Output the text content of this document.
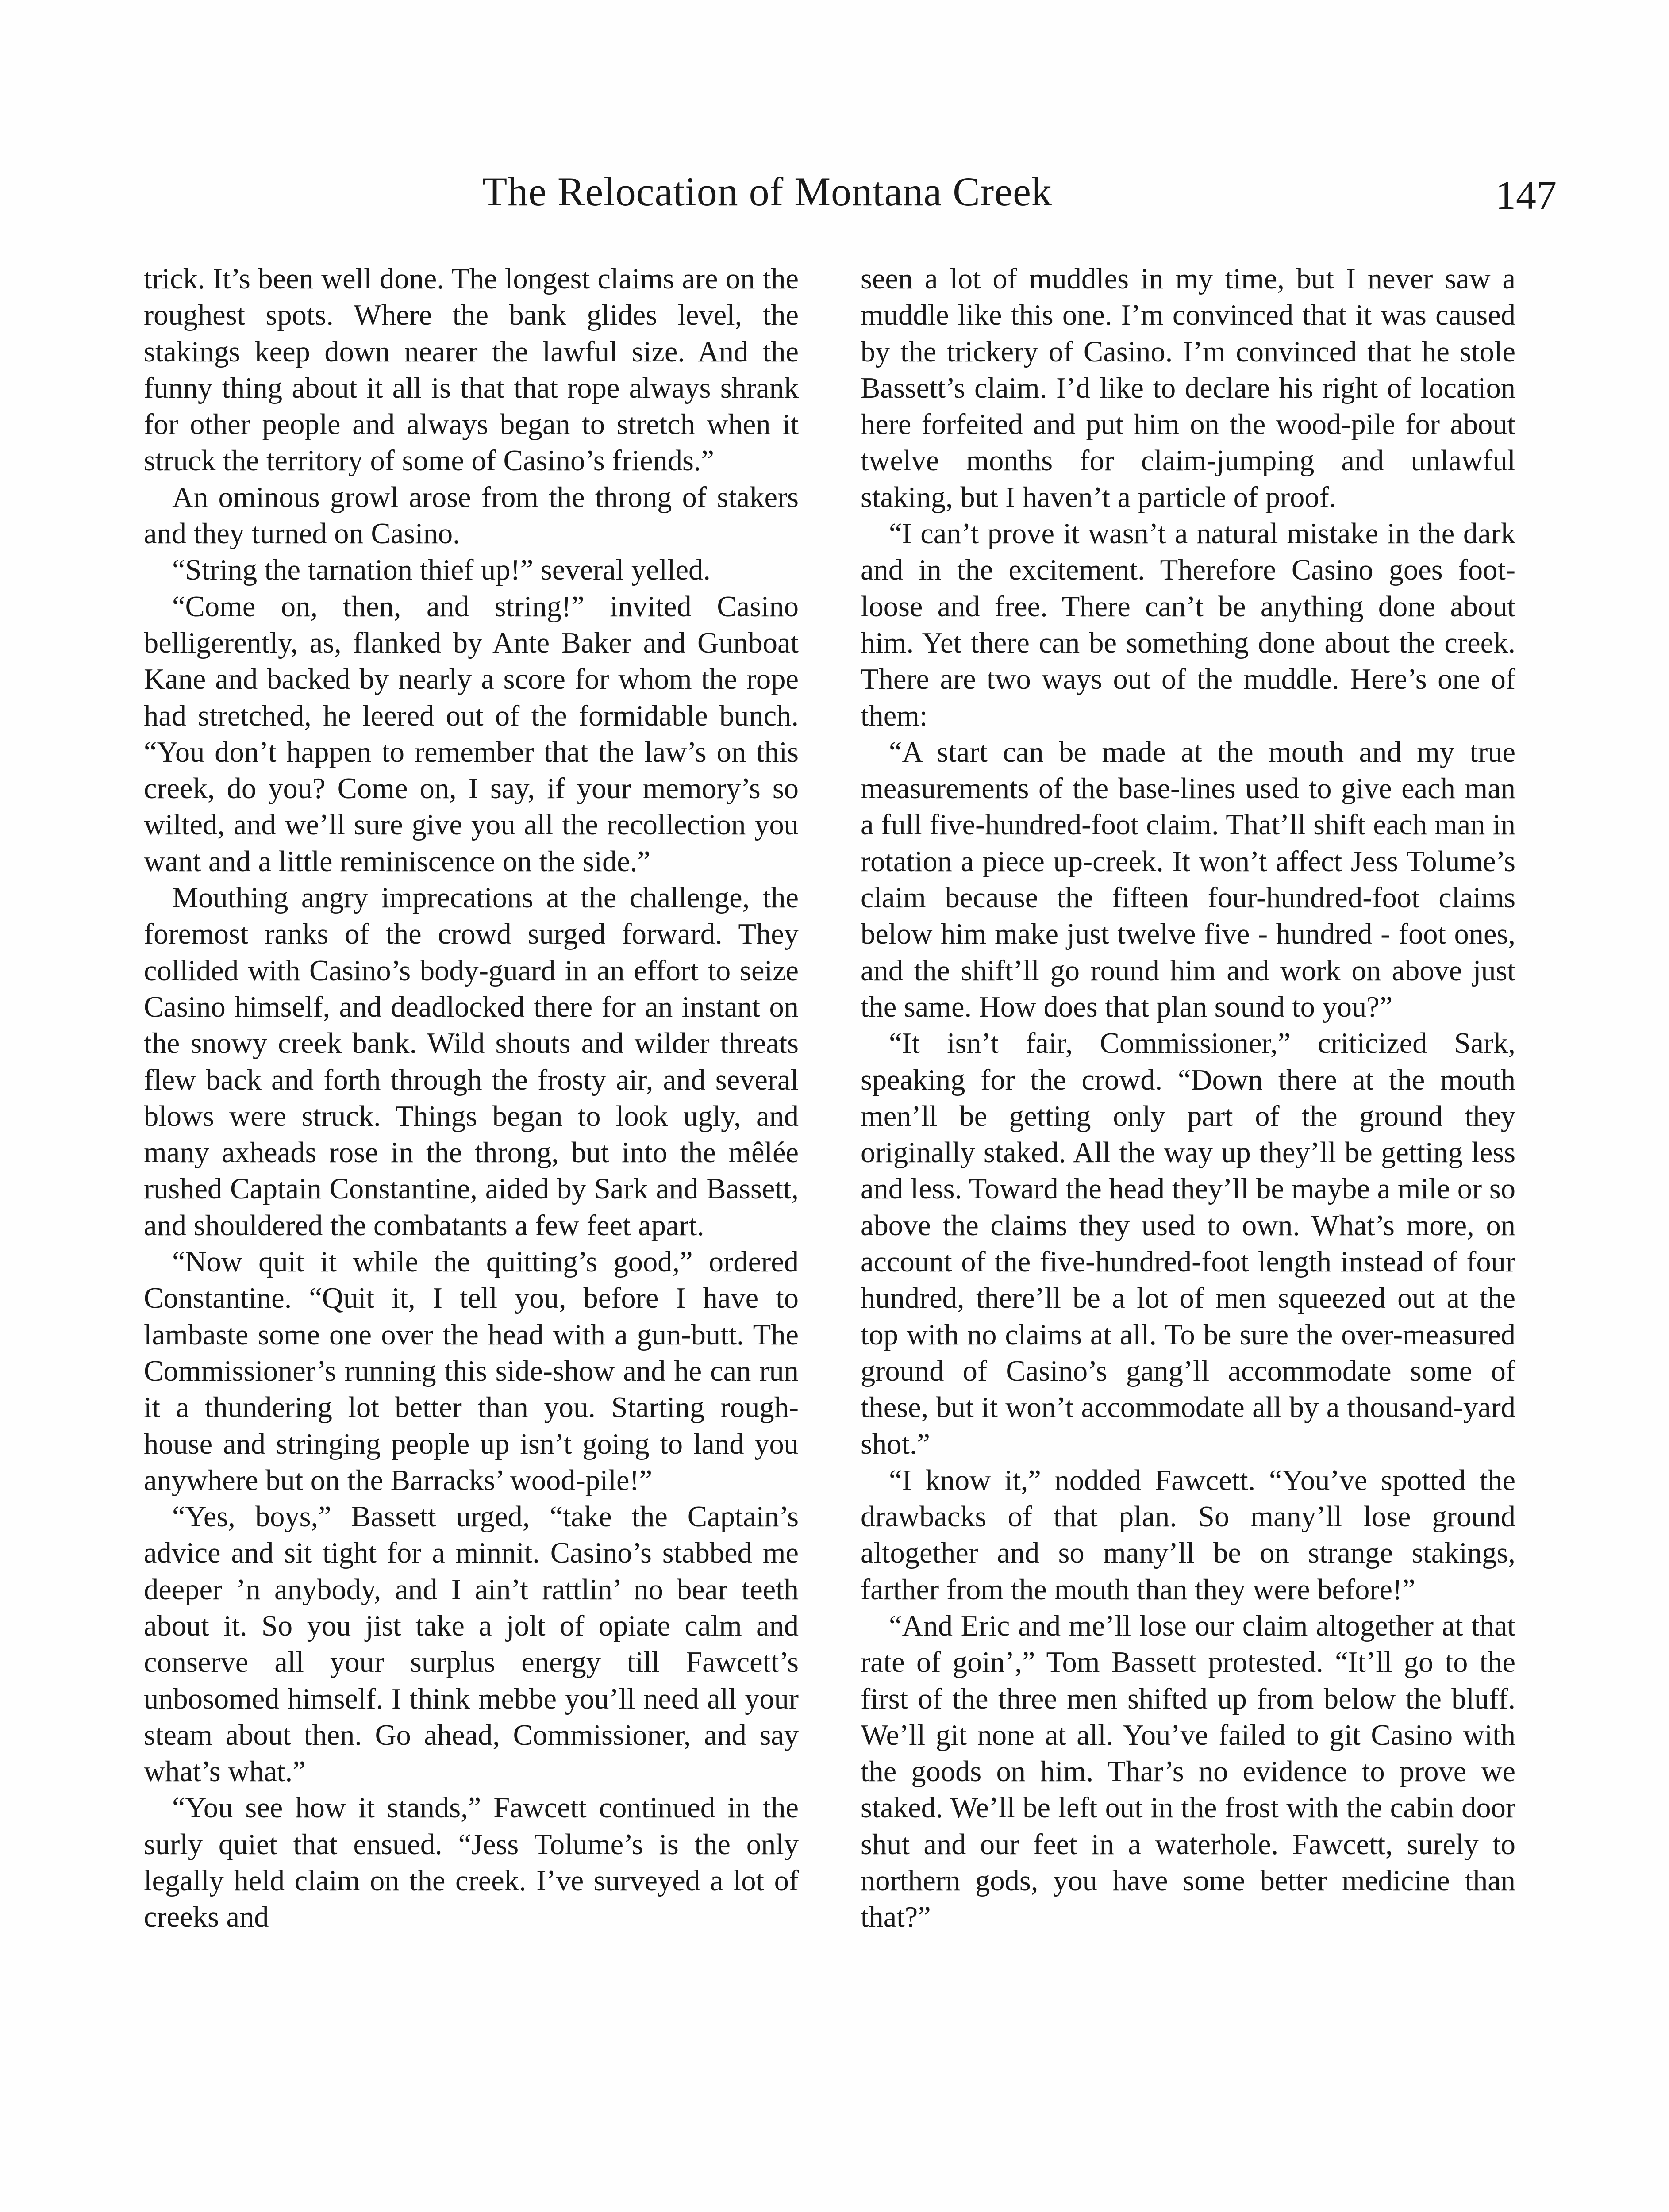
The Relocation of Montana Creek	147

trick. It’s been well done. The longest claims are on the roughest spots. Where the bank glides level, the stakings keep down nearer the lawful size. And the funny thing about it all is that that rope always shrank for other people and always began to stretch when it struck the territory of some of Casino’s friends.”

An ominous growl arose from the throng of stakers and they turned on Casino.

“String the tarnation thief up!” several yelled.

“Come on, then, and string!” invited Casino belligerently, as, flanked by Ante Baker and Gunboat Kane and backed by nearly a score for whom the rope had stretched, he leered out of the formidable bunch. “You don’t happen to remember that the law’s on this creek, do you? Come on, I say, if your memory’s so wilted, and we’ll sure give you all the recollection you want and a little reminiscence on the side.”

Mouthing angry imprecations at the challenge, the foremost ranks of the crowd surged forward. They collided with Casino’s body-guard in an effort to seize Casino himself, and deadlocked there for an instant on the snowy creek bank. Wild shouts and wilder threats flew back and forth through the frosty air, and several blows were struck. Things began to look ugly, and many axheads rose in the throng, but into the mêlée rushed Captain Constantine, aided by Sark and Bassett, and shouldered the combatants a few feet apart.

“Now quit it while the quitting’s good,” ordered Constantine. “Quit it, I tell you, before I have to lambaste some one over the head with a gun-butt. The Commissioner’s running this side-show and he can run it a thundering lot better than you. Starting rough-house and stringing people up isn’t going to land you anywhere but on the Barracks’ wood-pile!”

“Yes, boys,” Bassett urged, “take the Captain’s advice and sit tight for a minnit. Casino’s stabbed me deeper ’n anybody, and I ain’t rattlin’ no bear teeth about it. So you jist take a jolt of opiate calm and conserve all your surplus energy till Fawcett’s unbosomed himself. I think mebbe you’ll need all your steam about then. Go ahead, Commissioner, and say what’s what.”

“You see how it stands,” Fawcett continued in the surly quiet that ensued. “Jess Tolume’s is the only legally held claim on the creek. I’ve surveyed a lot of creeks and

seen a lot of muddles in my time, but I never saw a muddle like this one. I’m convinced that it was caused by the trickery of Casino. I’m convinced that he stole Bassett’s claim. I’d like to declare his right of location here forfeited and put him on the wood-pile for about twelve months for claim-jumping and unlawful staking, but I haven’t a particle of proof.

“I can’t prove it wasn’t a natural mistake in the dark and in the excitement. Therefore Casino goes foot-loose and free. There can’t be anything done about him. Yet there can be something done about the creek. There are two ways out of the muddle. Here’s one of them:

“A start can be made at the mouth and my true measurements of the base-lines used to give each man a full five-hundred-foot claim. That’ll shift each man in rotation a piece up-creek. It won’t affect Jess Tolume’s claim because the fifteen four-hundred-foot claims below him make just twelve five - hundred - foot ones, and the shift’ll go round him and work on above just the same. How does that plan sound to you?”

“It isn’t fair, Commissioner,” criticized Sark, speaking for the crowd. “Down there at the mouth men’ll be getting only part of the ground they originally staked. All the way up they’ll be getting less and less. Toward the head they’ll be maybe a mile or so above the claims they used to own. What’s more, on account of the five-hundred-foot length instead of four hundred, there’ll be a lot of men squeezed out at the top with no claims at all. To be sure the over-measured ground of Casino’s gang’ll accommodate some of these, but it won’t accommodate all by a thousand-yard shot.”

“I know it,” nodded Fawcett. “You’ve spotted the drawbacks of that plan. So many’ll lose ground altogether and so many’ll be on strange stakings, farther from the mouth than they were before!”

“And Eric and me’ll lose our claim altogether at that rate of goin’,” Tom Bassett protested. “It’ll go to the first of the three men shifted up from below the bluff. We’ll git none at all. You’ve failed to git Casino with the goods on him. Thar’s no evidence to prove we staked. We’ll be left out in the frost with the cabin door shut and our feet in a waterhole. Fawcett, surely to northern gods, you have some better medicine than that?”
